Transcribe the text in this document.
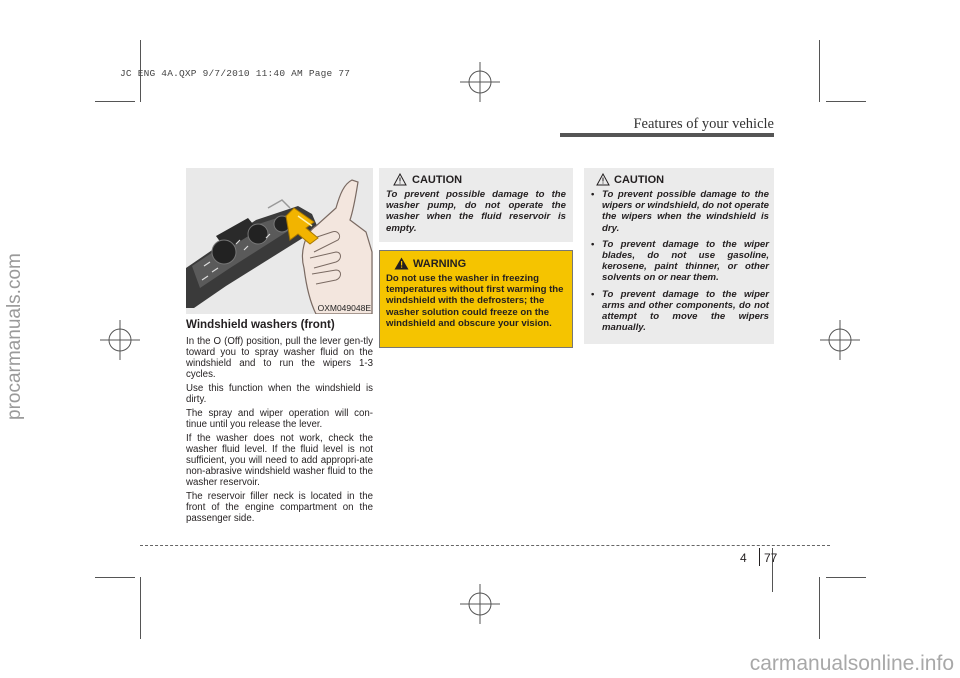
JC ENG 4A.QXP 9/7/2010 11:40 AM Page 77
procarmanuals.com
carmanualsonline.info
Features of your vehicle
OXM049048E
Windshield washers (front)

In the O (Off) position, pull the lever gen-tly toward you to spray washer fluid on the windshield and to run the wipers 1-3 cycles.

Use this function when the windshield is dirty.

The spray and wiper operation will con-tinue until you release the lever.

If the washer does not work, check the washer fluid level. If the fluid level is not sufficient, you will need to add appropri-ate non-abrasive windshield washer fluid to the washer reservoir.

The reservoir filler neck is located in the front of the engine compartment on the passenger side.

CAUTION
To prevent possible damage to the washer pump, do not operate the washer when the fluid reservoir is empty.
WARNING
Do not use the washer in freezing temperatures without first warming the windshield with the defrosters; the washer solution could freeze on the windshield and obscure your vision.
CAUTION
• To prevent possible damage to the wipers or windshield, do not operate the wipers when the windshield is dry.
• To prevent damage to the wiper blades, do not use gasoline, kerosene, paint thinner, or other solvents on or near them.
• To prevent damage to the wiper arms and other components, do not attempt to move the wipers manually.
4 77
